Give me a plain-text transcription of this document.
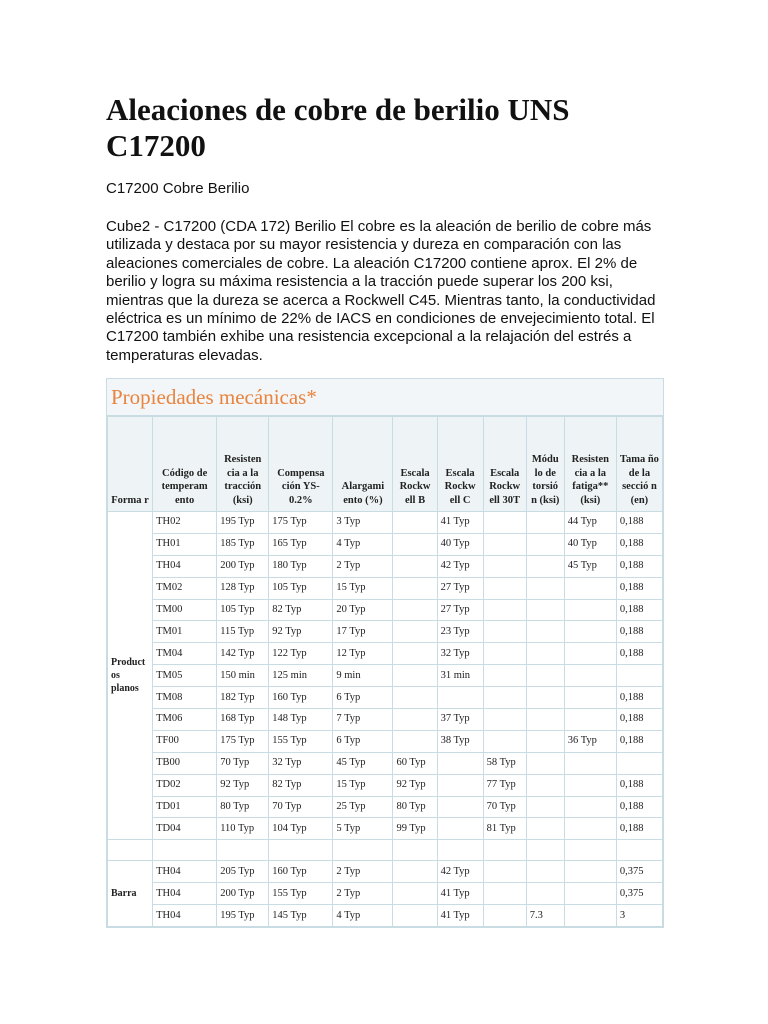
Aleaciones de cobre de berilio UNS C17200

C17200 Cobre Berilio

Cube2 - C17200 (CDA 172) Berilio El cobre es la aleación de berilio de cobre más utilizada y destaca por su mayor resistencia y dureza en comparación con las aleaciones comerciales de cobre. La aleación C17200 contiene aprox. El 2% de berilio y logra su máxima resistencia a la tracción puede superar los 200 ksi, mientras que la dureza se acerca a Rockwell C45. Mientras tanto, la conductividad eléctrica es un mínimo de 22% de IACS en condiciones de envejecimiento total. El C17200 también exhibe una resistencia excepcional a la relajación del estrés a temperaturas elevadas.

Propiedades mecánicas*
Forma r	Código de temperam ento	Resisten cia a la tracción (ksi)	Compensa ción YS- 0.2%	Alargami ento (%)	Escala Rockw ell B	Escala Rockw ell C	Escala Rockw ell 30T	Módu lo de torsió n (ksi)	Resisten cia a la fatiga** (ksi)	Tama ño de la secció n (en)
Product os planos	TH02	195 Typ	175 Typ	3 Typ		41 Typ			44 Typ	0,188
	TH01	185 Typ	165 Typ	4 Typ		40 Typ			40 Typ	0,188
	TH04	200 Typ	180 Typ	2 Typ		42 Typ			45 Typ	0,188
	TM02	128 Typ	105 Typ	15 Typ		27 Typ				0,188
	TM00	105 Typ	82 Typ	20 Typ		27 Typ				0,188
	TM01	115 Typ	92 Typ	17 Typ		23 Typ				0,188
	TM04	142 Typ	122 Typ	12 Typ		32 Typ				0,188
	TM05	150 min	125 min	9 min		31 min				
	TM08	182 Typ	160 Typ	6 Typ						0,188
	TM06	168 Typ	148 Typ	7 Typ		37 Typ				0,188
	TF00	175 Typ	155 Typ	6 Typ		38 Typ			36 Typ	0,188
	TB00	70 Typ	32 Typ	45 Typ	60 Typ		58 Typ			
	TD02	92 Typ	82 Typ	15 Typ	92 Typ		77 Typ			0,188
	TD01	80 Typ	70 Typ	25 Typ	80 Typ		70 Typ			0,188
	TD04	110 Typ	104 Typ	5 Typ	99 Typ		81 Typ			0,188

Barra	TH04	205 Typ	160 Typ	2 Typ		42 Typ				0,375
	TH04	200 Typ	155 Typ	2 Typ		41 Typ				0,375
	TH04	195 Typ	145 Typ	4 Typ		41 Typ		7.3		3
